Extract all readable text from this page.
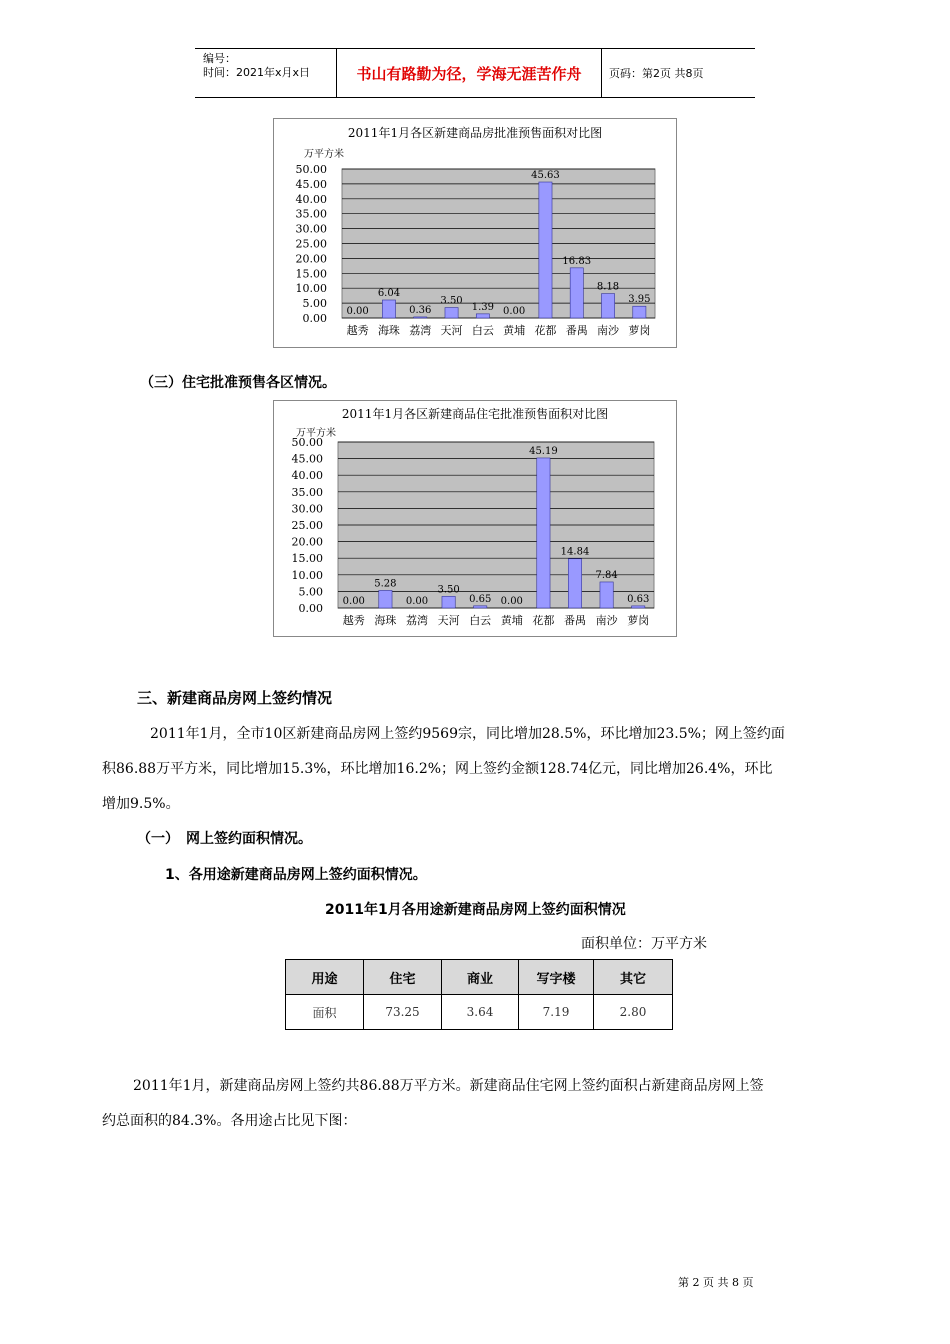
编号：
时间：2021年x月x日	书山有路勤为径，学海无涯苦作舟	页码：第2页 共8页
2011年1月各区新建商品房批准预售面积对比图
万平方米
0.00
5.00
10.00
15.00
20.00
25.00
30.00
35.00
40.00
45.00
50.00
0.00
越秀
6.04
海珠
0.36
荔湾
3.50
天河
1.39
白云
0.00
黄埔
45.63
花都
16.83
番禺
8.18
南沙
3.95
萝岗
（三）住宅批准预售各区情况。
2011年1月各区新建商品住宅批准预售面积对比图
万平方米
0.00
5.00
10.00
15.00
20.00
25.00
30.00
35.00
40.00
45.00
50.00
0.00
越秀
5.28
海珠
0.00
荔湾
3.50
天河
0.65
白云
0.00
黄埔
45.19
花都
14.84
番禺
7.84
南沙
0.63
萝岗
三、新建商品房网上签约情况
2011年1月，全市10区新建商品房网上签约9569宗，同比增加28.5%，环比增加23.5%；网上签约面
积86.88万平方米，同比增加15.3%，环比增加16.2%；网上签约金额128.74亿元，同比增加26.4%，环比
增加9.5%。
（一）　网上签约面积情况。
1、各用途新建商品房网上签约面积情况。
2011年1月各用途新建商品房网上签约面积情况
面积单位：万平方米
用途	住宅	商业	写字楼	其它
面积	73.25	3.64	7.19	2.80
2011年1月，新建商品房网上签约共86.88万平方米。新建商品住宅网上签约面积占新建商品房网上签
约总面积的84.3%。各用途占比见下图：
第 2 页 共 8 页
